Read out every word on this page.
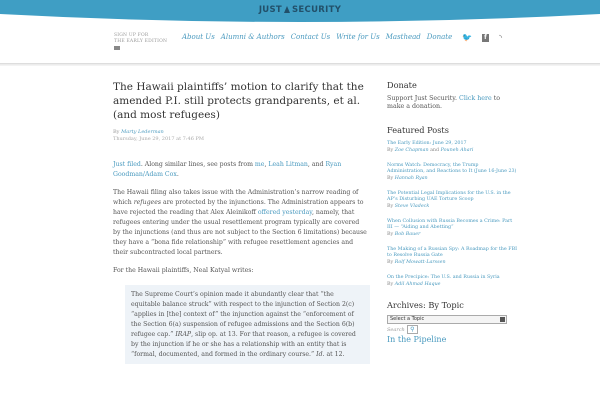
JUST SECURITY
SIGN UP FOR
THE EARLY EDITION
About Us Alumni & Authors Contact Us Write for Us Masthead Donate 🐦	f ◝
The Hawaii plaintiffs’ motion to clarify that the amended P.I. still protects grandparents, et al. (and most refugees)
By Marty Lederman
Thursday, June 29, 2017 at 7:46 PM

Just filed. Along similar lines, see posts from me, Leah Litman, and Ryan Goodman/Adam Cox.

The Hawaii filing also takes issue with the Administration’s narrow reading of which refugees are protected by the injunctions. The Administration appears to have rejected the reading that Alex Aleinikoff offered yesterday, namely, that refugees entering under the usual resettlement program typically are covered by the injunctions (and thus are not subject to the Section 6 limitations) because they have a “bona fide relationship” with refugee resettlement agencies and their subcontracted local partners.

For the Hawaii plaintiffs, Neal Katyal writes:

The Supreme Court’s opinion made it abundantly clear that “the equitable balance struck” with respect to the injunction of Section 2(c) “applies in [the] context of” the injunction against the “enforcement of the Section 6(a) suspension of refugee admissions and the Section 6(b) refugee cap.” IRAP, slip op. at 13. For that reason, a refugee is covered by the injunction if he or she has a relationship with an entity that is “formal, documented, and formed in the ordinary course.” Id. at 12.

Donate
Support Just Security. Click here to make a donation.
Featured Posts
The Early Edition: June 29, 2017
By Zoe Chapman and Pouneh Ahari
Norms Watch: Democracy, the Trump Administration, and Reactions to It (June 16-June 23)
By Hannah Ryan
The Potential Legal Implications for the U.S. in the AP’s Disturbing UAE Torture Scoop
By Steve Vladeck
When Collusion with Russia Becomes a Crime: Part III — “Aiding and Abetting”
By Bob Bauer
The Making of a Russian Spy: A Roadmap for the FBI to Resolve Russia Gate
By Rolf Mowatt-Larssen
On the Precipice: The U.S. and Russia in Syria
By Adil Ahmad Haque
Archives: By Topic
Select a Topic
Search ⚲
In the Pipeline
